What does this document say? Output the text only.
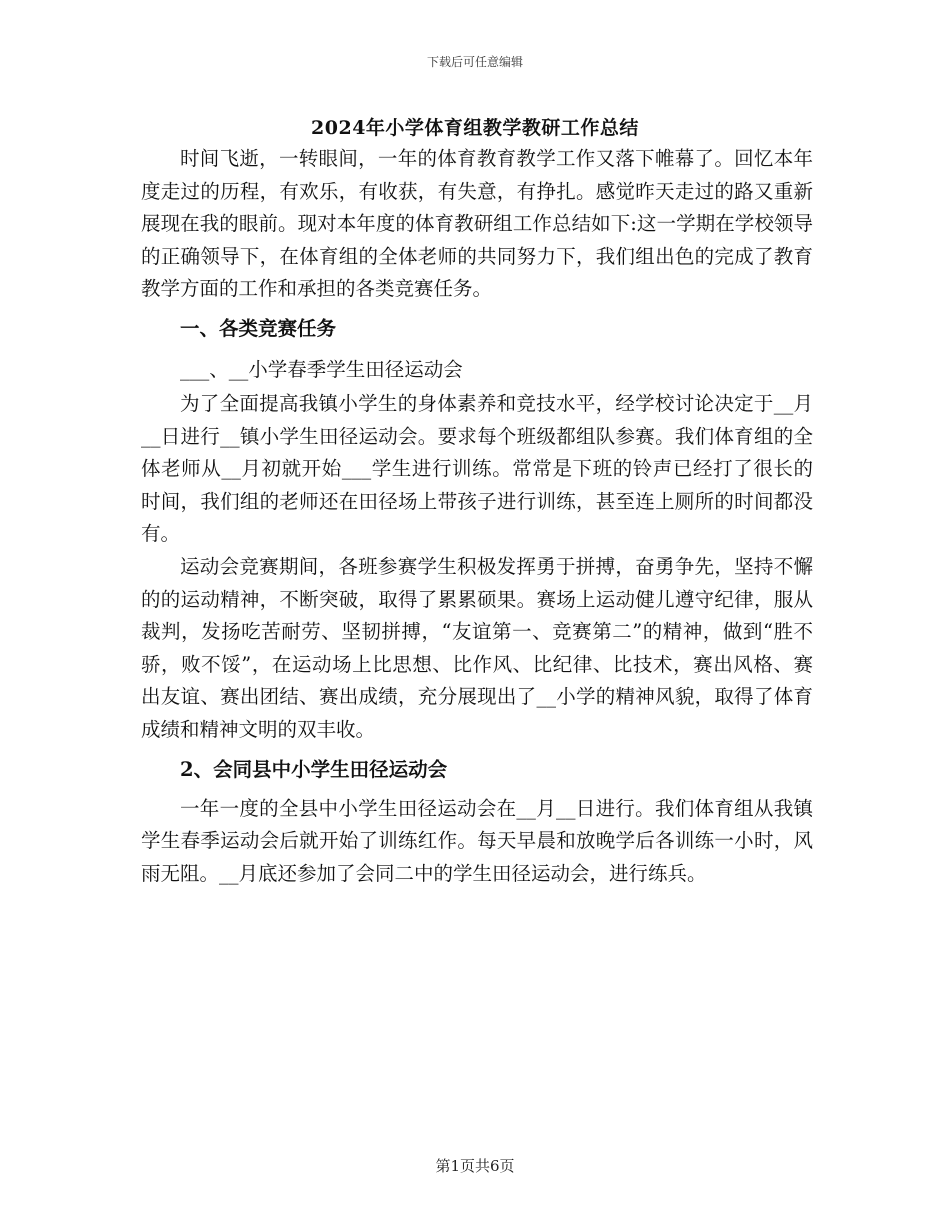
下载后可任意编辑
2024年小学体育组教学教研工作总结

时间飞逝，一转眼间，一年的体育教育教学工作又落下帷幕了。回忆本年度走过的历程，有欢乐，有收获，有失意，有挣扎。感觉昨天走过的路又重新展现在我的眼前。现对本年度的体育教研组工作总结如下:这一学期在学校领导的正确领导下，在体育组的全体老师的共同努力下，我们组出色的完成了教育教学方面的工作和承担的各类竞赛任务。

一、各类竞赛任务

___、__小学春季学生田径运动会

为了全面提高我镇小学生的身体素养和竞技水平，经学校讨论决定于__月__日进行__镇小学生田径运动会。要求每个班级都组队参赛。我们体育组的全体老师从__月初就开始___学生进行训练。常常是下班的铃声已经打了很长的时间，我们组的老师还在田径场上带孩子进行训练，甚至连上厕所的时间都没有。

运动会竞赛期间，各班参赛学生积极发挥勇于拼搏，奋勇争先，坚持不懈的的运动精神，不断突破，取得了累累硕果。赛场上运动健儿遵守纪律，服从裁判，发扬吃苦耐劳、坚韧拼搏，“友谊第一、竞赛第二”的精神，做到“胜不骄，败不馁”，在运动场上比思想、比作风、比纪律、比技术，赛出风格、赛出友谊、赛出团结、赛出成绩，充分展现出了__小学的精神风貌，取得了体育成绩和精神文明的双丰收。

2、会同县中小学生田径运动会

一年一度的全县中小学生田径运动会在__月__日进行。我们体育组从我镇学生春季运动会后就开始了训练红作。每天早晨和放晚学后各训练一小时，风雨无阻。__月底还参加了会同二中的学生田径运动会，进行练兵。

第1页共6页
